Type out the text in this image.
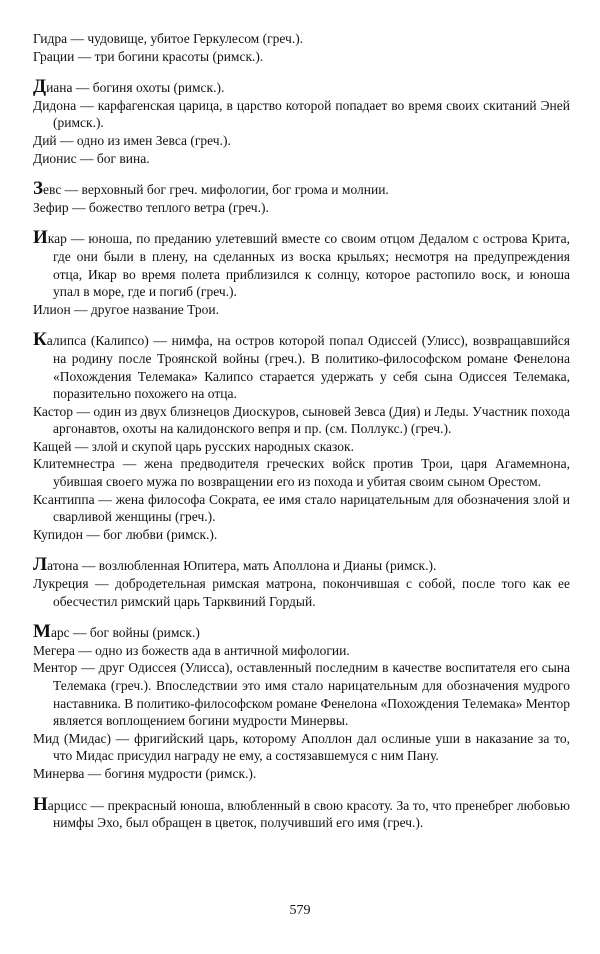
Гидра — чудовище, убитое Геркулесом (греч.).

Грации — три богини красоты (римск.).

Диана — богиня охоты (римск.).

Дидона — карфагенская царица, в царство которой попадает во время своих скитаний Эней (римск.).

Дий — одно из имен Зевса (греч.).

Дионис — бог вина.

Зевс — верховный бог греч. мифологии, бог грома и молнии.

Зефир — божество теплого ветра (греч.).

Икар — юноша, по преданию улетевший вместе со своим отцом Дедалом с острова Крита, где они были в плену, на сделанных из воска крыльях; несмотря на предупреждения отца, Икар во время полета приблизился к солнцу, которое растопило воск, и юноша упал в море, где и погиб (греч.).

Илион — другое название Трои.

Калипса (Калипсо) — нимфа, на остров которой попал Одиссей (Улисс), возвращавшийся на родину после Троянской войны (греч.). В политико-философском романе Фенелона «Похождения Телемака» Калипсо старается удержать у себя сына Одиссея Телемака, поразительно похожего на отца.

Кастор — один из двух близнецов Диоскуров, сыновей Зевса (Дия) и Леды. Участник похода аргонавтов, охоты на калидонского вепря и пр. (см. Поллукс.) (греч.).

Кащей — злой и скупой царь русских народных сказок.

Клитемнестра — жена предводителя греческих войск против Трои, царя Агамемнона, убившая своего мужа по возвращении его из похода и убитая своим сыном Орестом.

Ксантиппа — жена философа Сократа, ее имя стало нарицательным для обозначения злой и сварливой женщины (греч.).

Купидон — бог любви (римск.).

Латона — возлюбленная Юпитера, мать Аполлона и Дианы (римск.).

Лукреция — добродетельная римская матрона, покончившая с собой, после того как ее обесчестил римский царь Тарквиний Гордый.

Марс — бог войны (римск.)

Мегера — одно из божеств ада в античной мифологии.

Ментор — друг Одиссея (Улисса), оставленный последним в качестве воспитателя его сына Телемака (греч.). Впоследствии это имя стало нарицательным для обозначения мудрого наставника. В политико-философском романе Фенелона «Похождения Телемака» Ментор является воплощением богини мудрости Минервы.

Мид (Мидас) — фригийский царь, которому Аполлон дал ослиные уши в наказание за то, что Мидас присудил награду не ему, а состязавшемуся с ним Пану.

Минерва — богиня мудрости (римск.).

Нарцисс — прекрасный юноша, влюбленный в свою красоту. За то, что пренебрег любовью нимфы Эхо, был обращен в цветок, получивший его имя (греч.).

579
